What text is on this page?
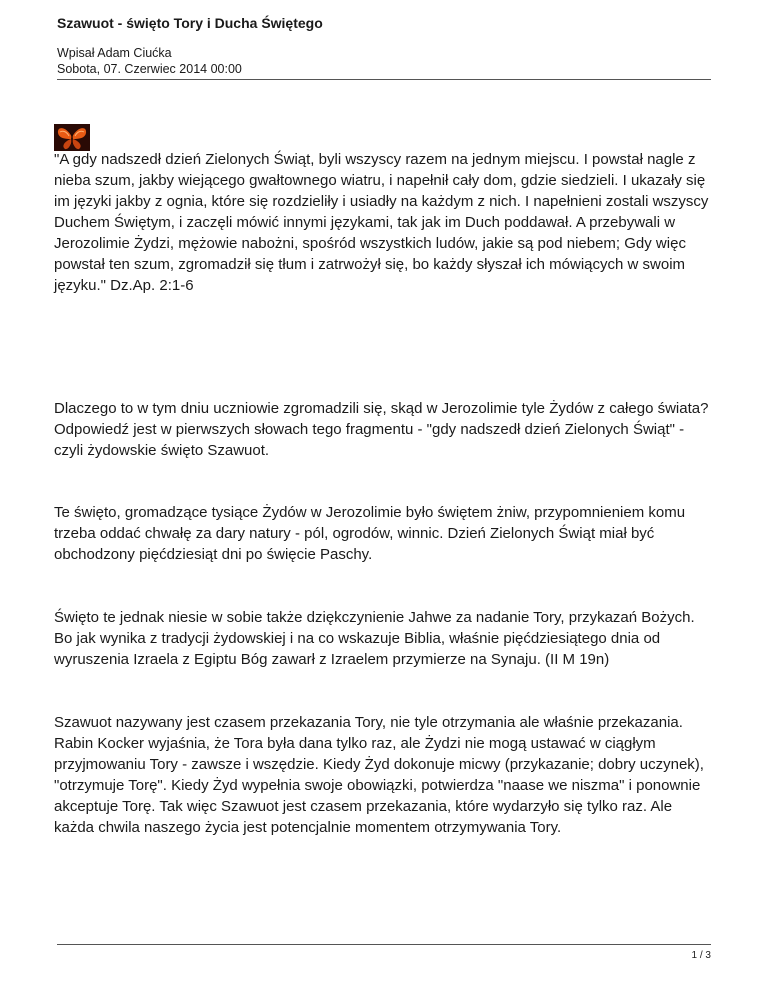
Szawuot - święto Tory i Ducha Świętego
Wpisał Adam Ciućka
Sobota, 07. Czerwiec 2014 00:00

"A gdy nadszedł dzień Zielonych Świąt, byli wszyscy razem na jednym miejscu. I powstał nagle z nieba szum, jakby wiejącego gwałtownego wiatru, i napełnił cały dom, gdzie siedzieli. I ukazały się im języki jakby z ognia, które się rozdzieliły i usiadły na każdym z nich. I napełnieni zostali wszyscy Duchem Świętym, i zaczęli mówić innymi językami, tak jak im Duch poddawał. A przebywali w Jerozolimie Żydzi, mężowie nabożni, spośród wszystkich ludów, jakie są pod niebem; Gdy więc powstał ten szum, zgromadził się tłum i zatrwożył się, bo każdy słyszał ich mówiących w swoim języku." Dz.Ap. 2:1-6

Dlaczego to w tym dniu uczniowie zgromadzili się, skąd w Jerozolimie tyle Żydów z całego świata? Odpowiedź jest w pierwszych słowach tego fragmentu - "gdy nadszedł dzień Zielonych Świąt" - czyli żydowskie święto Szawuot.

Te święto, gromadzące tysiące Żydów w Jerozolimie było świętem żniw, przypomnieniem komu trzeba oddać chwałę za dary natury - pól, ogrodów, winnic. Dzień Zielonych Świąt miał być obchodzony pięćdziesiąt dni po święcie Paschy.

Święto te jednak niesie w sobie także dziękczynienie Jahwe za nadanie Tory, przykazań Bożych. Bo jak wynika z tradycji żydowskiej i na co wskazuje Biblia, właśnie pięćdziesiątego dnia od wyruszenia Izraela z Egiptu Bóg zawarł z Izraelem przymierze na Synaju. (II M 19n)

Szawuot nazywany jest czasem przekazania Tory, nie tyle otrzymania ale właśnie przekazania. Rabin Kocker wyjaśnia, że Tora była dana tylko raz, ale Żydzi nie mogą ustawać w ciągłym przyjmowaniu Tory - zawsze i wszędzie. Kiedy Żyd dokonuje micwy (przykazanie; dobry uczynek), "otrzymuje Torę". Kiedy Żyd wypełnia swoje obowiązki, potwierdza "naase we niszma" i ponownie akceptuje Torę. Tak więc Szawuot jest czasem przekazania, które wydarzyło się tylko raz. Ale każda chwila naszego życia jest potencjalnie momentem otrzymywania Tory.

1 / 3
